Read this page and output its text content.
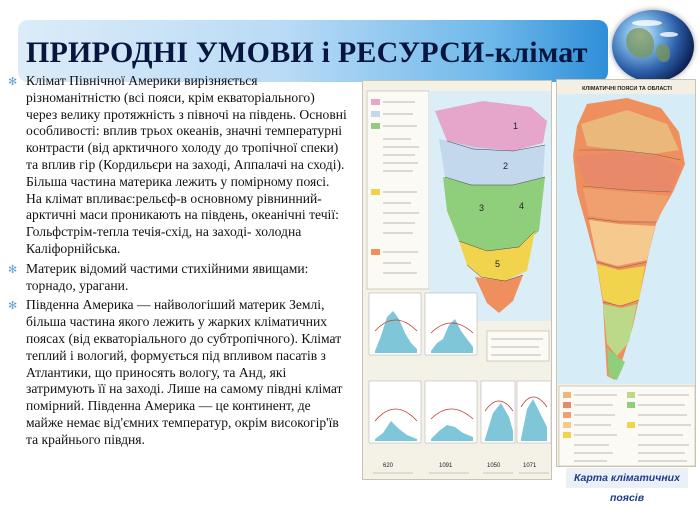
ПРИРОДНІ УМОВИ і РЕСУРСИ-клімат
✻ Клімат Північної Америки вирізняється різноманітністю (всі пояси, крім екваторіального) через велику протяжність з півночі на південь. Основні особливості: вплив трьох океанів, значні температурні контрасти (від арктичного холоду до тропічної спеки) та вплив гір (Кордильєри на заході, Аппалачі на сході). Більша частина материка лежить у помірному поясі. На клімат впливає:рельєф-в основному рівнинний- арктичні маси проникають на південь, океанічні течії: Гольфстрім-тепла течія-схід, на заході- холодна Каліфорнійська.
✻ Материк відомий частими стихійними явищами: торнадо, урагани.
✻ Південна Америка — найвологіший материк Землі, більша частина якого лежить у жарких кліматичних поясах (від екваторіального до субтропічного). Клімат теплий і вологий, формується під впливом пасатів з Атлантики, що приносять вологу, та Анд, які затримують її на заході. Лише на самому півдні клімат помірний. Південна Америка — це континент, де майже немає від'ємних температур, окрім високогір'їв та крайнього півдня.
1
2
3	4
5
620	1091	1050	1071
КЛІМАТИЧНІ ПОЯСИ ТА ОБЛАСТІ
Карта кліматичних поясів
